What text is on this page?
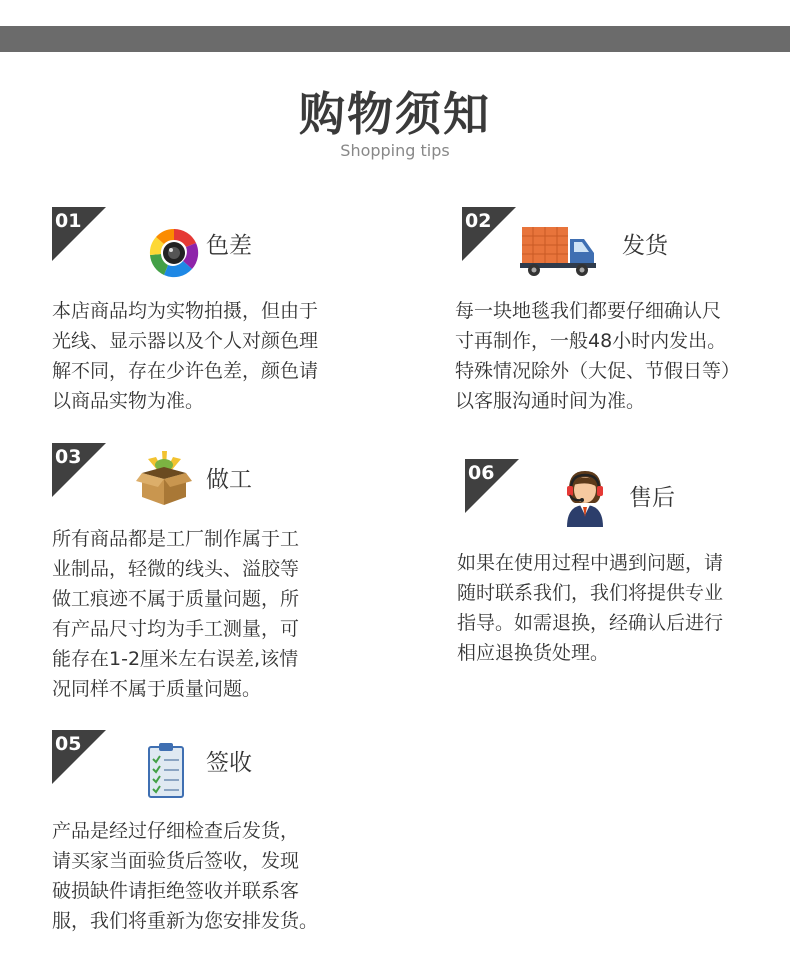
购物须知
Shopping tips
01
色差
本店商品均为实物拍摄，但由于
光线、显示器以及个人对颜色理
解不同，存在少许色差，颜色请
以商品实物为准。
02
发货
每一块地毯我们都要仔细确认尺
寸再制作，一般48小时内发出。
特殊情况除外（大促、节假日等）
以客服沟通时间为准。
03
做工
所有商品都是工厂制作属于工
业制品，轻微的线头、溢胶等
做工痕迹不属于质量问题，所
有产品尺寸均为手工测量，可
能存在1-2厘米左右误差,该情
况同样不属于质量问题。
06
售后
如果在使用过程中遇到问题，请
随时联系我们，我们将提供专业
指导。如需退换，经确认后进行
相应退换货处理。
05
签收
产品是经过仔细检查后发货，
请买家当面验货后签收，发现
破损缺件请拒绝签收并联系客
服，我们将重新为您安排发货。
